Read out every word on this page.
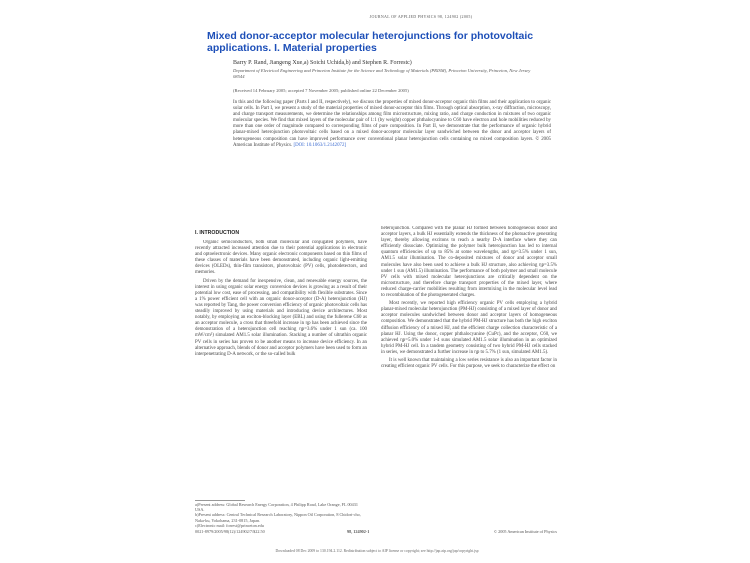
JOURNAL OF APPLIED PHYSICS 98, 124902 (2005)
Mixed donor-acceptor molecular heterojunctions for photovoltaic applications. I. Material properties
Barry P. Rand, Jiangeng Xue,a) Soichi Uchida,b) and Stephen R. Forrestc)
Department of Electrical Engineering and Princeton Institute for the Science and Technology of Materials (PRISM), Princeton University, Princeton, New Jersey 08544
(Received 14 February 2005; accepted 7 November 2005; published online 22 December 2005)
In this and the following paper (Parts I and II, respectively), we discuss the properties of mixed donor-acceptor organic thin films and their application to organic solar cells. In Part I, we present a study of the material properties of mixed donor-acceptor thin films. Through optical absorption, x-ray diffraction, microscopy, and charge transport measurements, we determine the relationships among film microstructure, mixing ratio, and charge conduction in mixtures of two organic molecular species. We find that mixed layers of the molecular pair of 1:1 (by weight) copper phthalocyanine to C60 have electron and hole mobilities reduced by more than one order of magnitude compared to corresponding films of pure composition. In Part II, we demonstrate that the performance of organic hybrid planar-mixed heterojunction photovoltaic cells based on a mixed donor-acceptor molecular layer sandwiched between the donor and acceptor layers of heterogeneous composition can have improved performance over conventional planar heterojunction cells containing no mixed composition layers. © 2005 American Institute of Physics. [DOI: 10.1063/1.2142072]
I. INTRODUCTION

Organic semiconductors, both small molecular and conjugated polymers, have recently attracted increased attention due to their potential applications in electronic and optoelectronic devices. Many organic electronic components based on thin films of these classes of materials have been demonstrated, including organic light-emitting devices (OLEDs), thin-film transistors, photovoltaic (PV) cells, photodetectors, and memories.

Driven by the demand for inexpensive, clean, and renewable energy sources, the interest in using organic solar energy conversion devices is growing as a result of their potential low cost, ease of processing, and compatibility with flexible substrates. Since a 1% power efficient cell with an organic donor-acceptor (D-A) heterojunction (HJ) was reported by Tang, the power conversion efficiency of organic photovoltaic cells has steadily improved by using materials and introducing device architectures. Most notably, by employing an exciton-blocking layer (EBL) and using the fullerene C60 as an acceptor molecule, a cross that threefold increase in ηp has been achieved since the demonstration of a heterojunction cell reaching ηp=3.6% under 1 sun (ca. 100 mW/cm²) simulated AM1.5 solar illumination. Stacking a number of ultrathin organic PV cells in series has proven to be another means to increase device efficiency. In an alternative approach, blends of donor and acceptor polymers have been used to form an interpenetrating D-A network, or the so-called bulk

heterojunction. Compared with the planar HJ formed between homogeneous donor and acceptor layers, a bulk HJ essentially extends the thickness of the photoactive generating layer, thereby allowing excitons to reach a nearby D-A interface where they can efficiently dissociate. Optimizing the polymer bulk heterojunction has led to internal quantum efficiencies of up to 85% at some wavelengths, and ηp=3.5% under 1 sun, AM1.5 solar illumination. The co-deposited mixtures of donor and acceptor small molecules have also been used to achieve a bulk HJ structure, also achieving ηp=3.5% under 1 sun (AM1.5) illumination. The performance of both polymer and small molecule PV cells with mixed molecular heterojunctions are critically dependent on the microstructure, and therefore charge transport properties of the mixed layer, where reduced charge-carrier mobilities resulting from intermixing in the molecular level lead to recombination of the photogenerated charges.

Most recently, we reported high efficiency organic PV cells employing a hybrid planar-mixed molecular heterojunction (PM-HJ) consisting of a mixed layer of donor and acceptor molecules sandwiched between donor and acceptor layers of homogeneous composition. We demonstrated that the hybrid PM-HJ structure has both the high exciton diffusion efficiency of a mixed HJ, and the efficient charge collection characteristic of a planar HJ. Using the donor, copper phthalocyanine (CuPc), and the acceptor, C60, we achieved ηp=5.0% under 1-4 suns simulated AM1.5 solar illumination in an optimized hybrid PM-HJ cell. In a tandem geometry consisting of two hybrid PM-HJ cells stacked in series, we demonstrated a further increase in ηp to 5.7% (1 sun, simulated AM1.5).

It is well known that maintaining a low series resistance is also an important factor in creating efficient organic PV cells. For this purpose, we seek to characterize the effect on

a)Present address: Global Research Energy Corporation, 4 Philipp Road, Lake Orange, FL 00431 USA.
b)Present address: Central Technical Research Laboratory, Nippon Oil Corporation, 8 Chidori-cho, Naka-ku, Yokohama, 231-0815, Japan.
c)Electronic mail: forrest@princeton.edu
0021-8979/2005/98(12)/124902/7/$22.50	98, 124902-1	© 2005 American Institute of Physics
Downloaded 08 Dec 2009 to 130.194.2.112. Redistribution subject to AIP license or copyright; see http://jap.aip.org/jap/copyright.jsp
